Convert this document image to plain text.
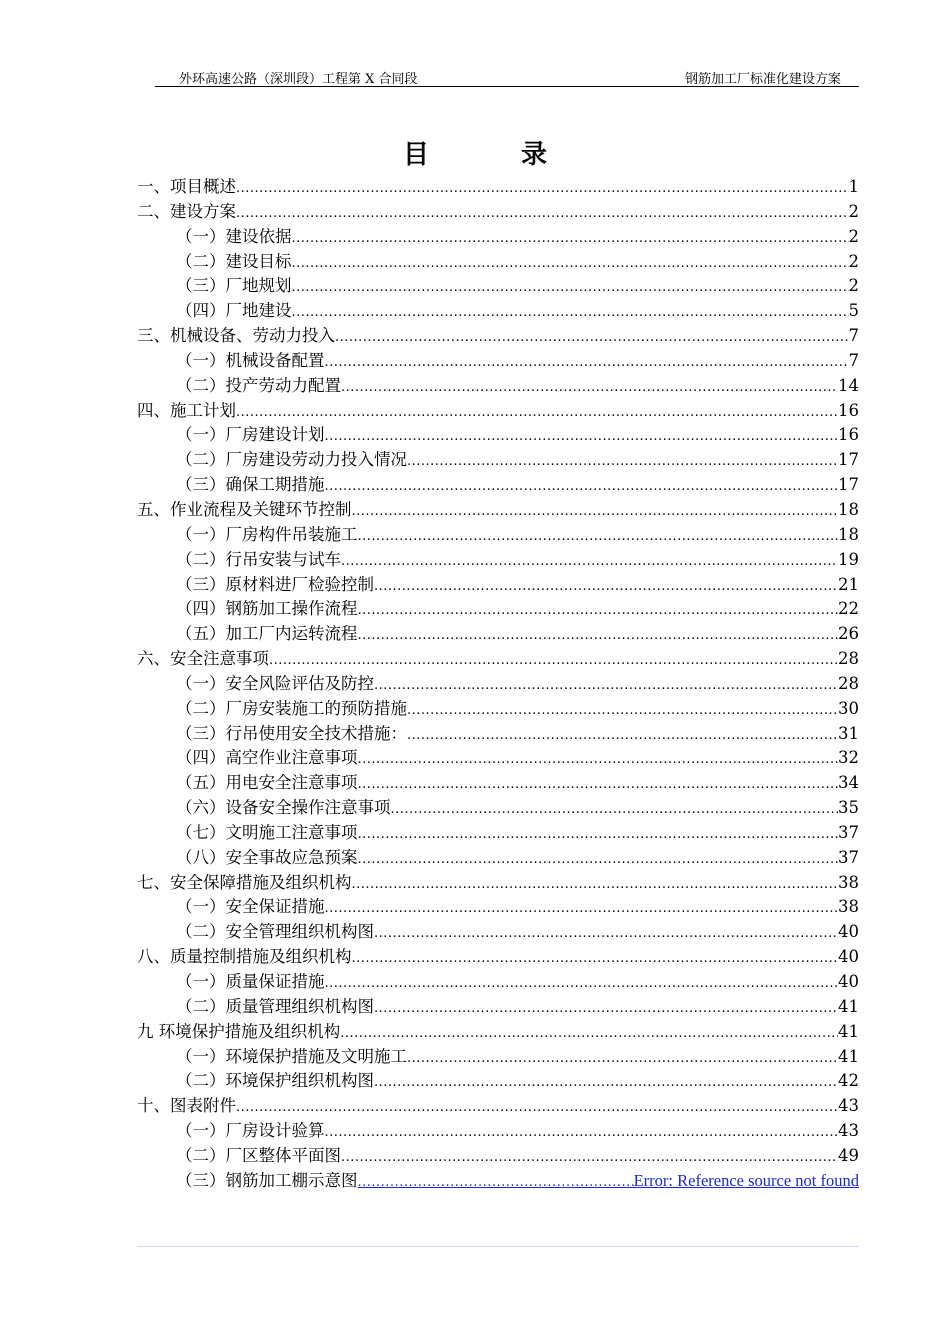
外环高速公路（深圳段）工程第 X 合同段	钢筋加工厂标准化建设方案
目	录
一、项目概述 .....	1
二、建设方案 .....	2
（一）建设依据 .....	2
（二）建设目标 .....	2
（三）厂地规划 .....	2
（四）厂地建设 .....	5
三、机械设备、劳动力投入 .....	7
（一）机械设备配置 .....	7
（二）投产劳动力配置 .....	14
四、施工计划 .....	16
（一）厂房建设计划 .....	16
（二）厂房建设劳动力投入情况 .....	17
（三）确保工期措施 .....	17
五、作业流程及关键环节控制 .....	18
（一）厂房构件吊装施工 .....	18
（二）行吊安装与试车 .....	19
（三）原材料进厂检验控制 .....	21
（四）钢筋加工操作流程 .....	22
（五）加工厂内运转流程 .....	26
六、安全注意事项 .....	28
（一）安全风险评估及防控 .....	28
（二）厂房安装施工的预防措施 .....	30
（三）行吊使用安全技术措施： .....	31
（四）高空作业注意事项 .....	32
（五）用电安全注意事项 .....	34
（六）设备安全操作注意事项 .....	35
（七）文明施工注意事项 .....	37
（八）安全事故应急预案 .....	37
七、安全保障措施及组织机构 .....	38
（一）安全保证措施 .....	38
（二）安全管理组织机构图 .....	40
八、质量控制措施及组织机构 .....	40
（一）质量保证措施 .....	40
（二）质量管理组织机构图 .....	41
九 环境保护措施及组织机构 .....	41
（一）环境保护措施及文明施工 .....	41
（二）环境保护组织机构图 .....	42
十、图表附件 .....	43
（一）厂房设计验算 .....	43
（二）厂区整体平面图 .....	49
（三）钢筋加工棚示意图 .....	Error: Reference source not found
